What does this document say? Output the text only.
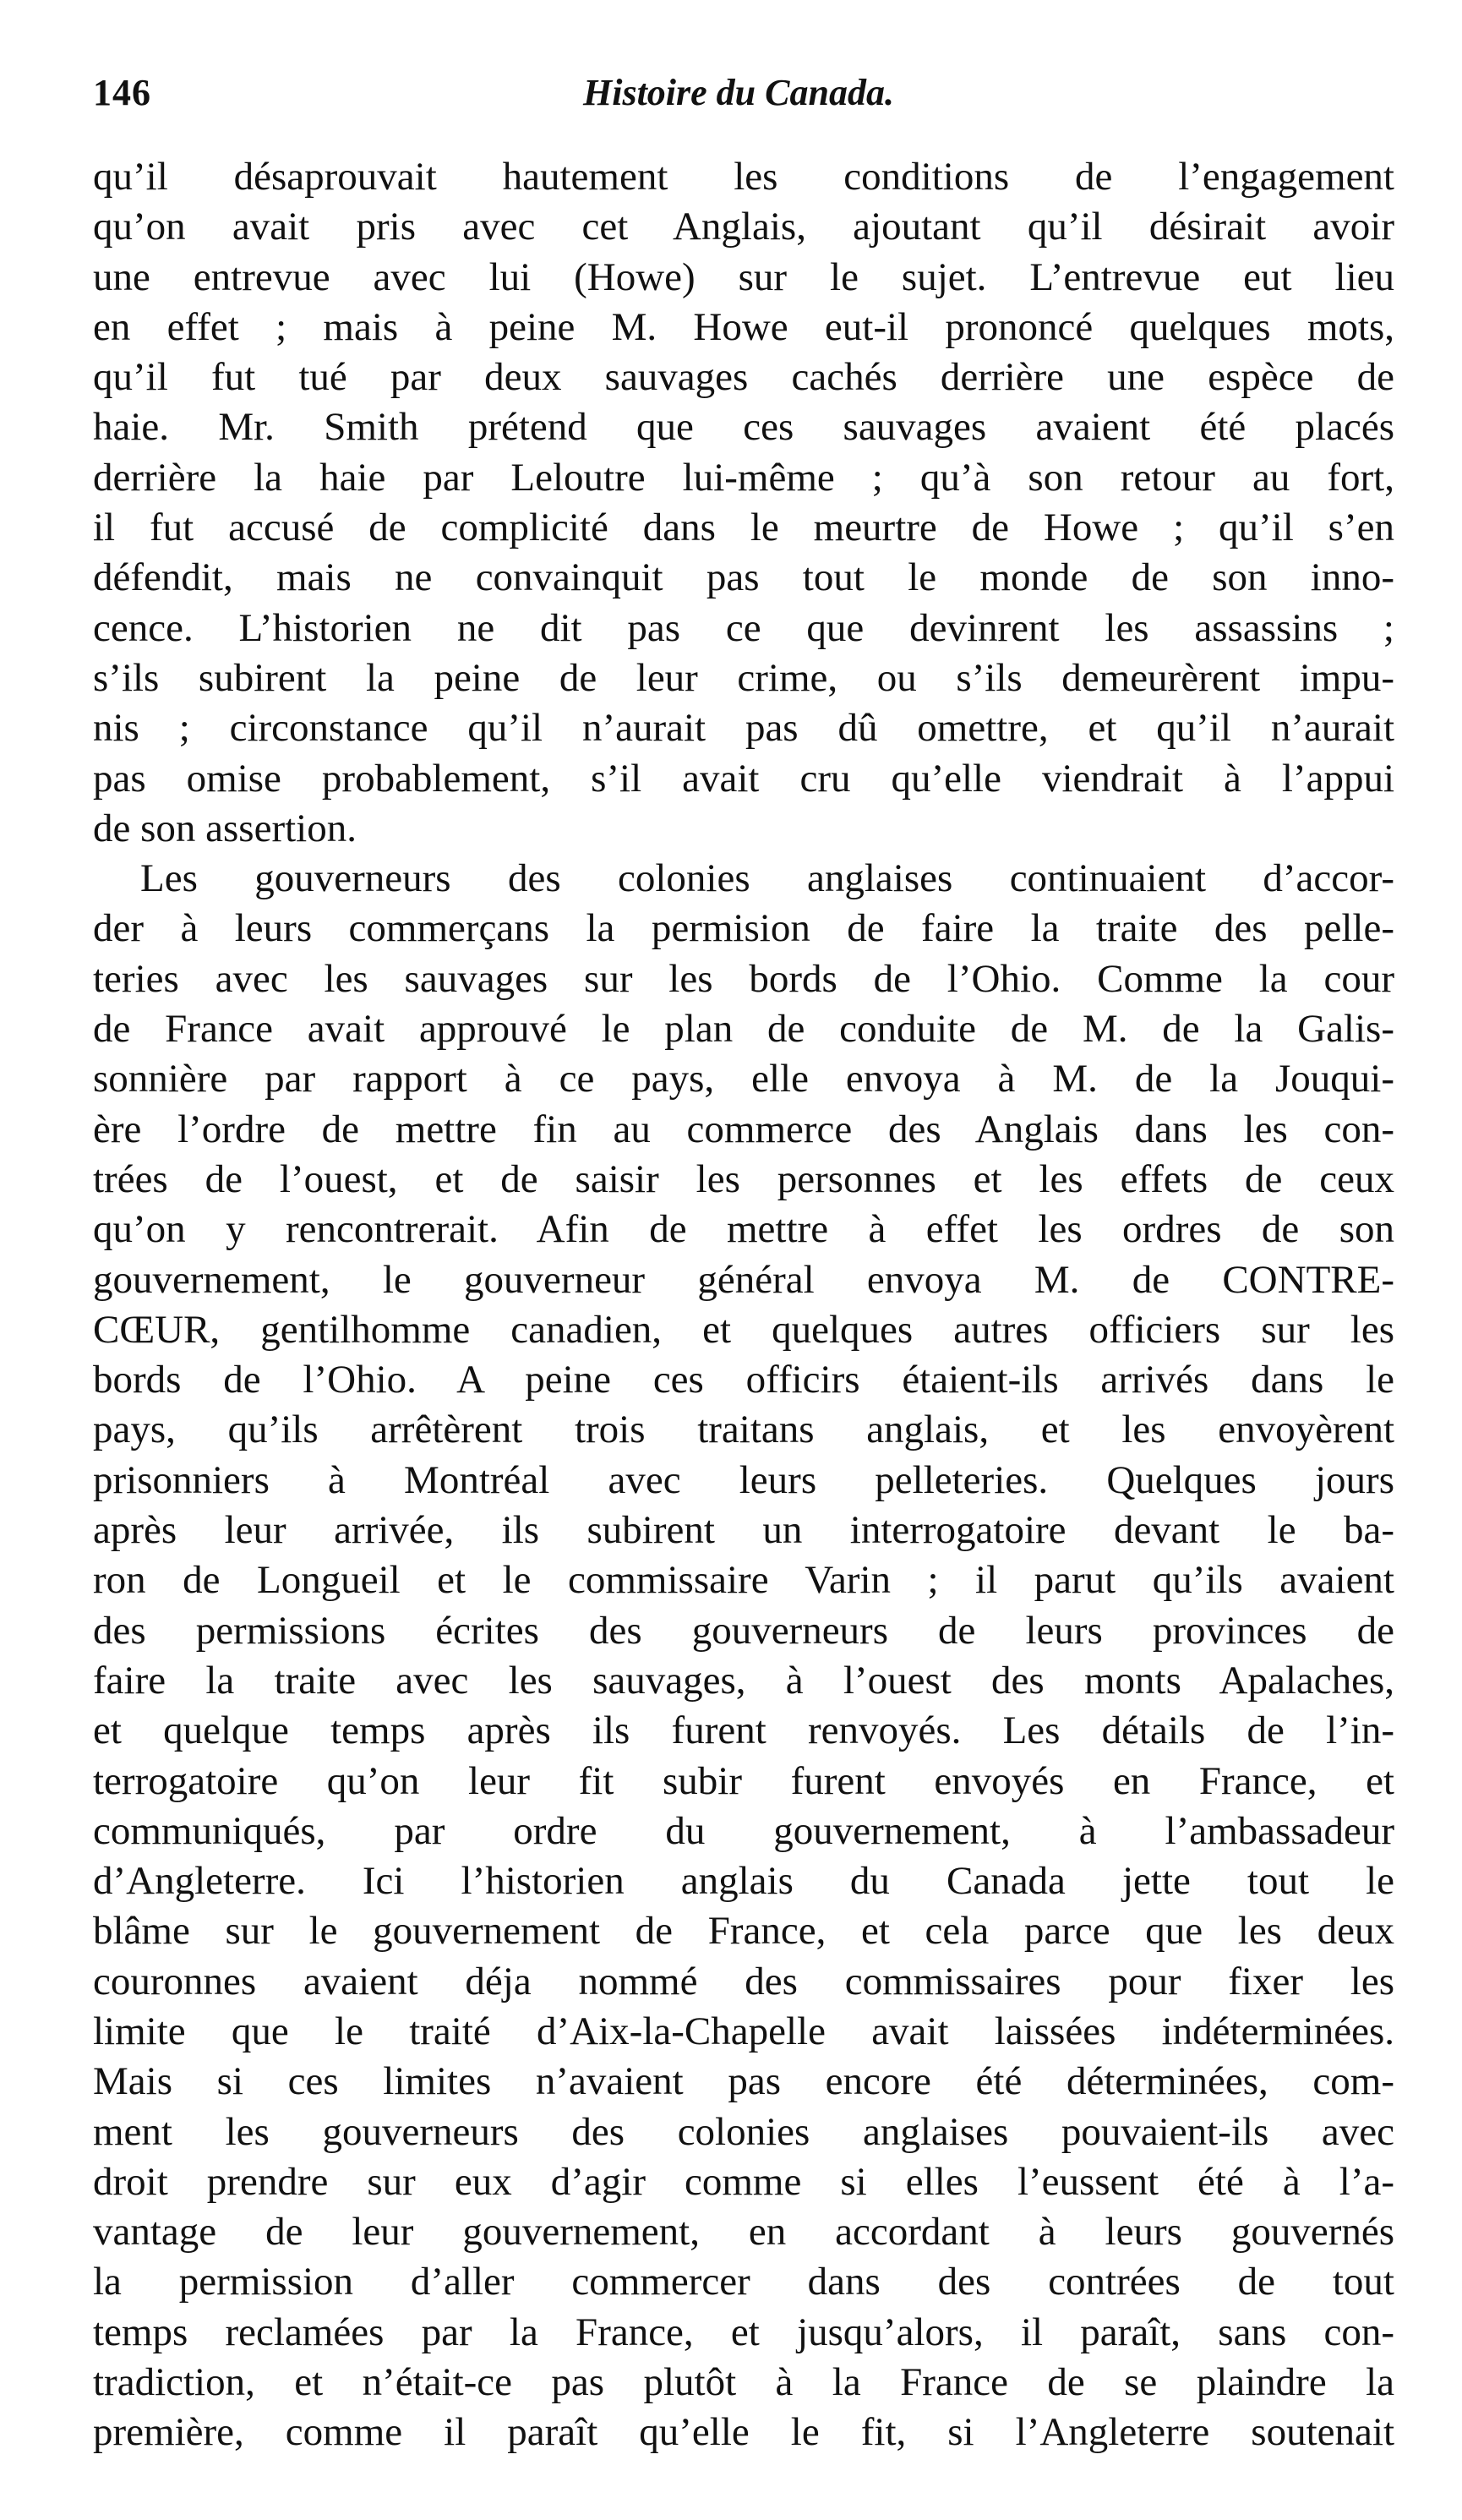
146	Histoire du Canada.
qu’il désaprouvait hautement les conditions de l’engagement
qu’on avait pris avec cet Anglais, ajoutant qu’il désirait avoir
une entrevue avec lui (Howe) sur le sujet. L’entrevue eut lieu
en effet ; mais à peine M. Howe eut-il prononcé quelques mots,
qu’il fut tué par deux sauvages cachés derrière une espèce de
haie. Mr. Smith prétend que ces sauvages avaient été placés
derrière la haie par Leloutre lui-même ; qu’à son retour au fort,
il fut accusé de complicité dans le meurtre de Howe ; qu’il s’en
défendit, mais ne convainquit pas tout le monde de son inno-
cence. L’historien ne dit pas ce que devinrent les assassins ;
s’ils subirent la peine de leur crime, ou s’ils demeurèrent impu-
nis ; circonstance qu’il n’aurait pas dû omettre, et qu’il n’aurait
pas omise probablement, s’il avait cru qu’elle viendrait à l’appui
de son assertion.
Les gouverneurs des colonies anglaises continuaient d’accor-
der à leurs commerçans la permision de faire la traite des pelle-
teries avec les sauvages sur les bords de l’Ohio. Comme la cour
de France avait approuvé le plan de conduite de M. de la Galis-
sonnière par rapport à ce pays, elle envoya à M. de la Jouqui-
ère l’ordre de mettre fin au commerce des Anglais dans les con-
trées de l’ouest, et de saisir les personnes et les effets de ceux
qu’on y rencontrerait. Afin de mettre à effet les ordres de son
gouvernement, le gouverneur général envoya M. de CONTRE-
CŒUR, gentilhomme canadien, et quelques autres officiers sur les
bords de l’Ohio. A peine ces officirs étaient-ils arrivés dans le
pays, qu’ils arrêtèrent trois traitans anglais, et les envoyèrent
prisonniers à Montréal avec leurs pelleteries. Quelques jours
après leur arrivée, ils subirent un interrogatoire devant le ba-
ron de Longueil et le commissaire Varin ; il parut qu’ils avaient
des permissions écrites des gouverneurs de leurs provinces de
faire la traite avec les sauvages, à l’ouest des monts Apalaches,
et quelque temps après ils furent renvoyés. Les détails de l’in-
terrogatoire qu’on leur fit subir furent envoyés en France, et
communiqués, par ordre du gouvernement, à l’ambassadeur
d’Angleterre. Ici l’historien anglais du Canada jette tout le
blâme sur le gouvernement de France, et cela parce que les deux
couronnes avaient déja nommé des commissaires pour fixer les
limite que le traité d’Aix-la-Chapelle avait laissées indéterminées.
Mais si ces limites n’avaient pas encore été déterminées, com-
ment les gouverneurs des colonies anglaises pouvaient-ils avec
droit prendre sur eux d’agir comme si elles l’eussent été à l’a-
vantage de leur gouvernement, en accordant à leurs gouvernés
la permission d’aller commercer dans des contrées de tout
temps reclamées par la France, et jusqu’alors, il paraît, sans con-
tradiction, et n’était-ce pas plutôt à la France de se plaindre la
première, comme il paraît qu’elle le fit, si l’Angleterre soutenait
